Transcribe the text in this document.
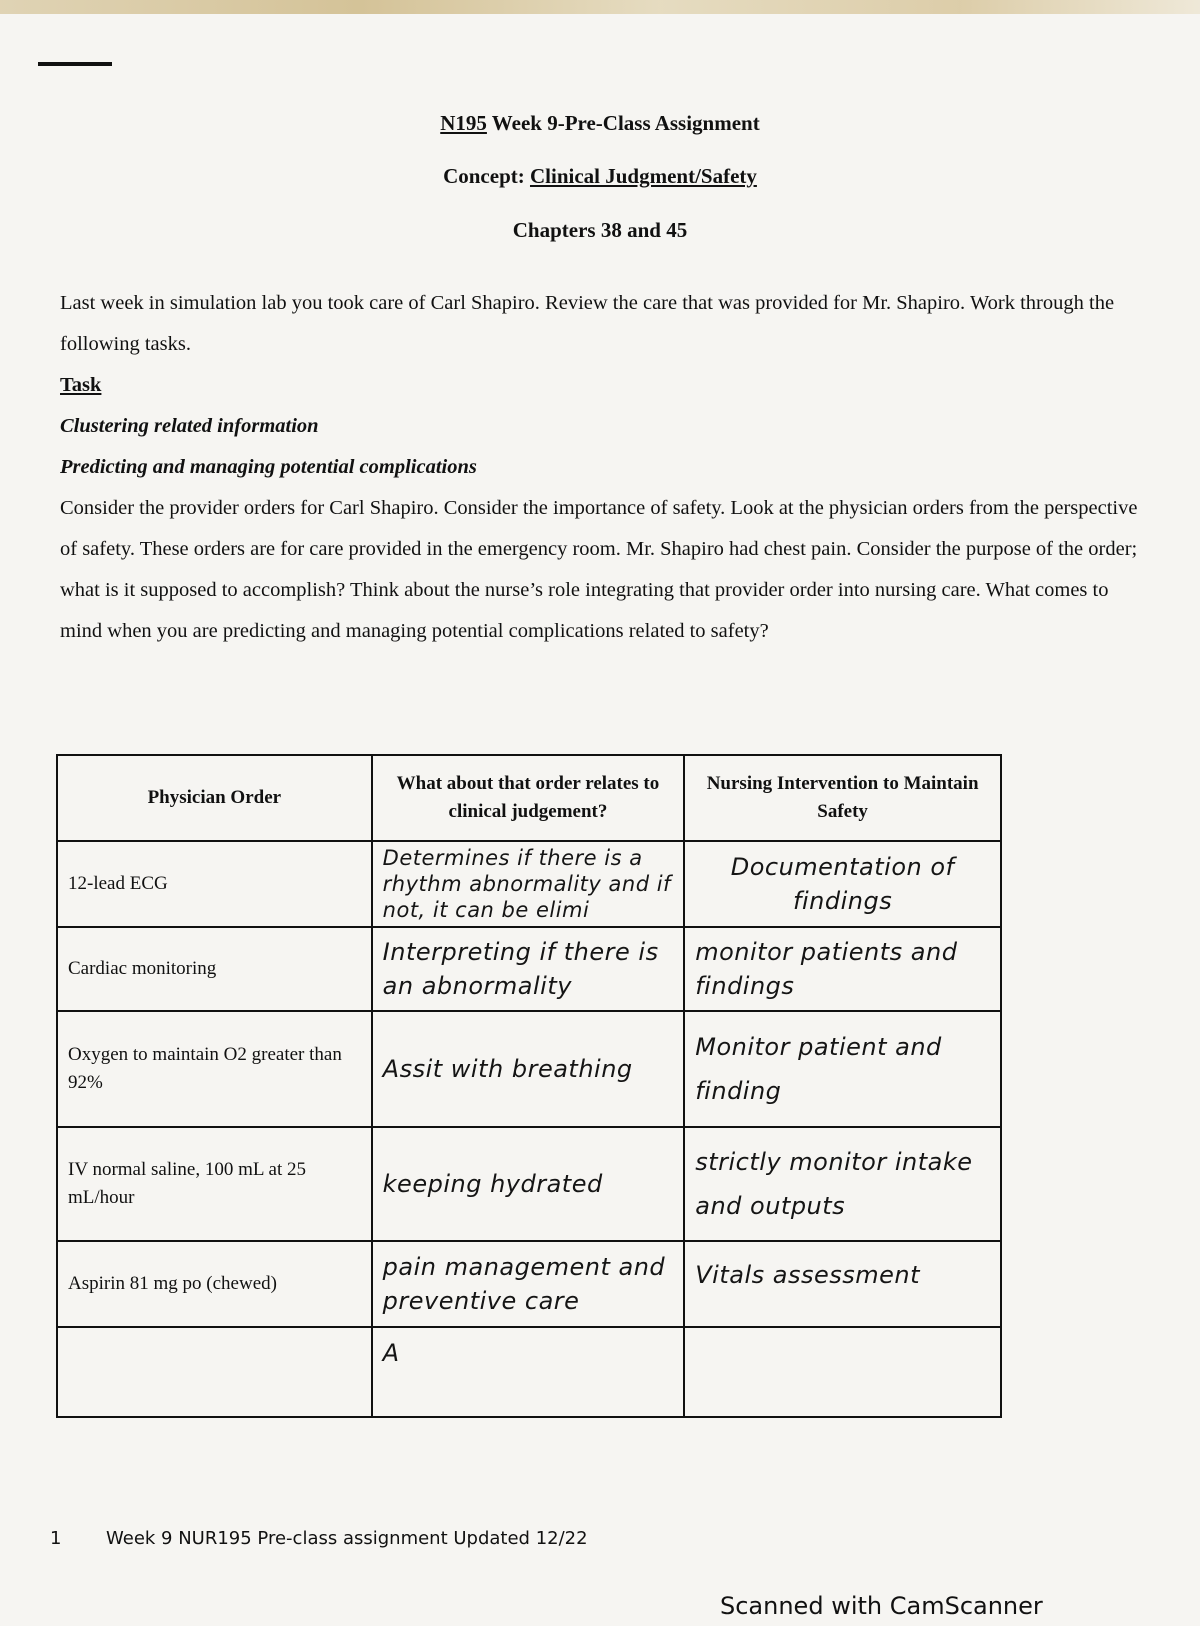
N195 Week 9-Pre-Class Assignment
Concept: Clinical Judgment/Safety
Chapters 38 and 45

Last week in simulation lab you took care of Carl Shapiro. Review the care that was provided for Mr. Shapiro. Work through the following tasks.

Task
Clustering related information
Predicting and managing potential complications

Consider the provider orders for Carl Shapiro. Consider the importance of safety. Look at the physician orders from the perspective of safety. These orders are for care provided in the emergency room. Mr. Shapiro had chest pain. Consider the purpose of the order; what is it supposed to accomplish? Think about the nurse’s role integrating that provider order into nursing care. What comes to mind when you are predicting and managing potential complications related to safety?

Physician Order	What about that order relates to clinical judgement?	Nursing Intervention to Maintain Safety
12-lead ECG	Determines if there is a rhythm abnormality and if not, it can be elimi	Documentation of findings
Cardiac monitoring	Interpreting if there is an abnormality	monitor patients and findings
Oxygen to maintain O2 greater than 92%	Assit with breathing	Monitor patient and finding
IV normal saline, 100 mL at 25 mL/hour	keeping hydrated	strictly monitor intake and outputs
Aspirin 81 mg po (chewed)	pain management and preventive care	Vitals assessment
	A	
1 Week 9 NUR195 Pre-class assignment Updated 12/22
Scanned with CamScanner
